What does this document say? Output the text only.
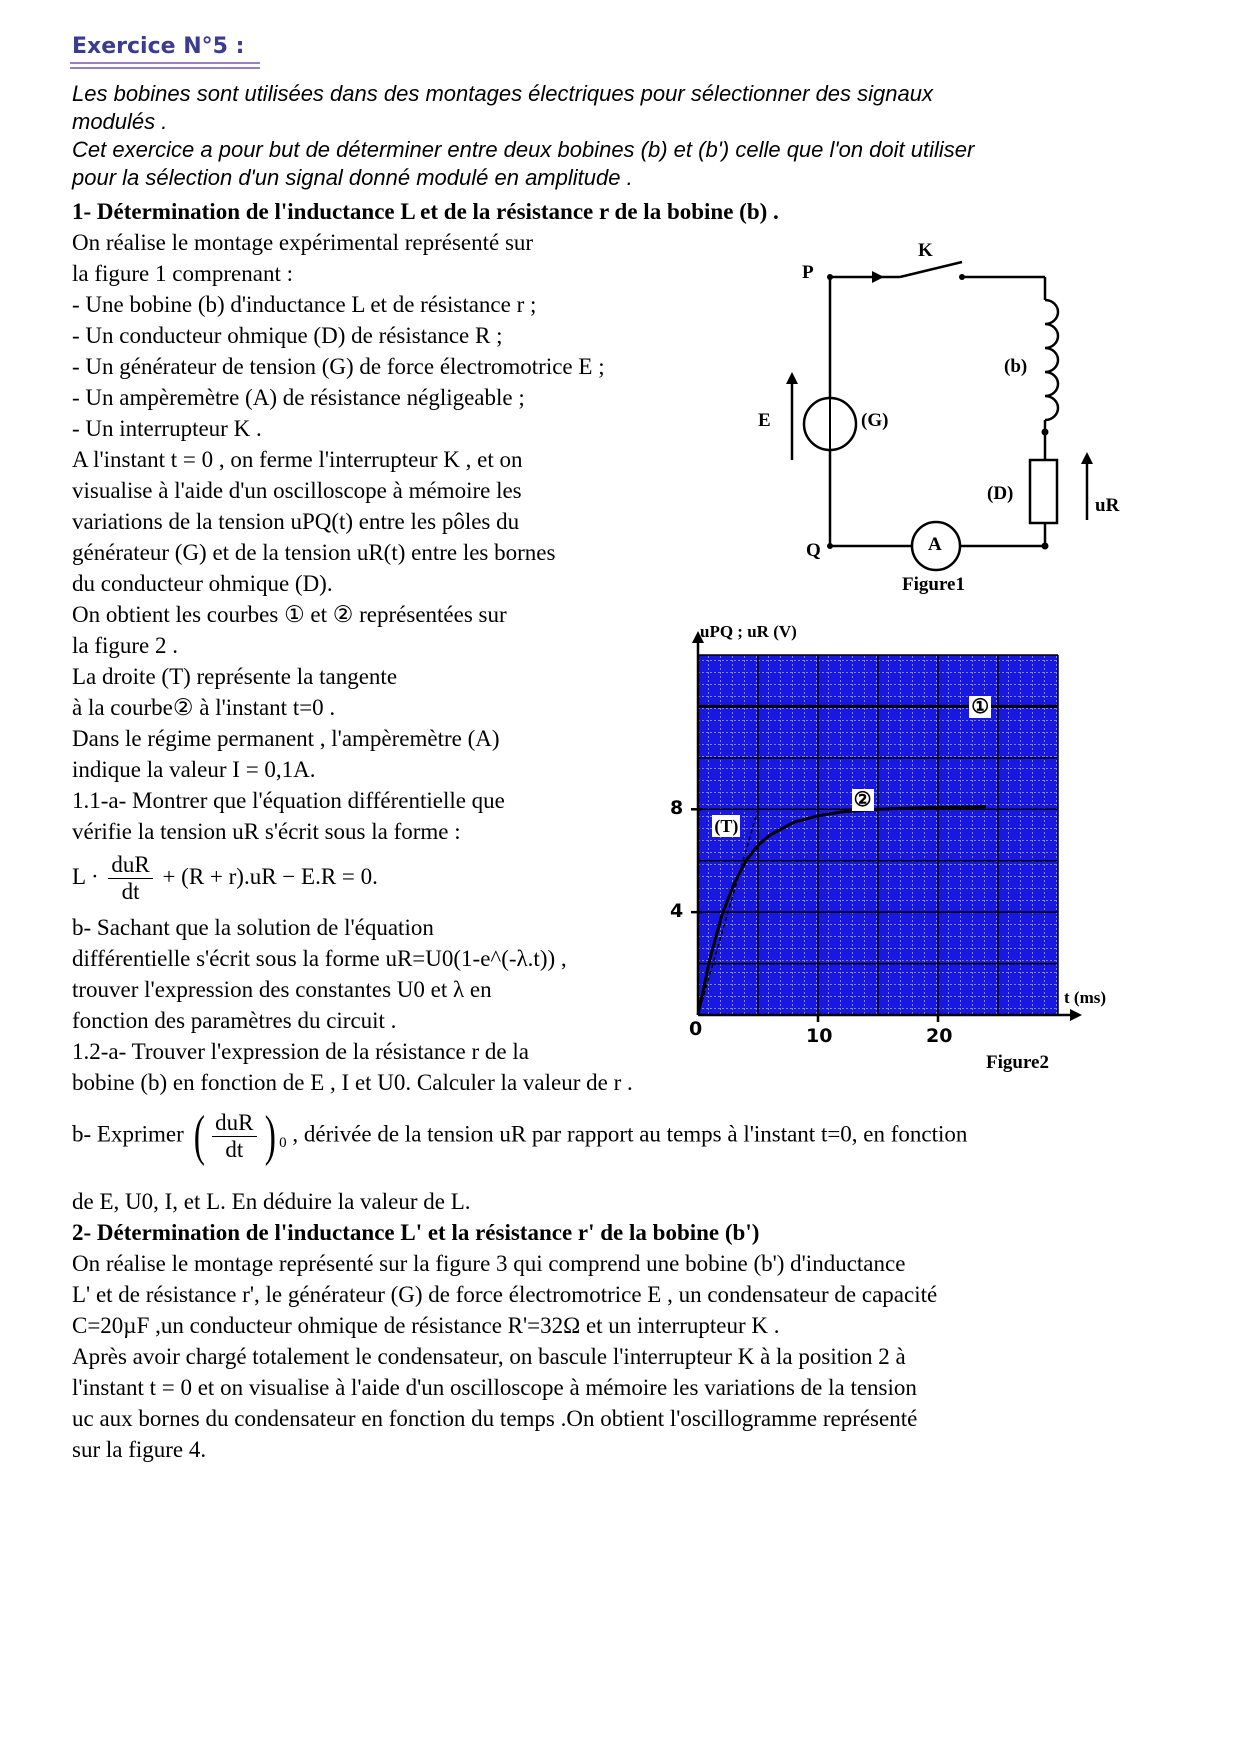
Exercice N°5 :
Les bobines sont utilisées dans des montages électriques pour sélectionner des signaux
modulés .
Cet exercice a pour but de déterminer entre deux bobines (b) et (b') celle que l'on doit utiliser
pour la sélection d'un signal donné modulé en amplitude .
1- Détermination de l'inductance L et de la résistance r de la bobine (b) .
On réalise le montage expérimental représenté sur
la figure 1 comprenant :
- Une bobine (b) d'inductance L et de résistance r ;
- Un conducteur ohmique (D) de résistance R ;
- Un générateur de tension (G) de force électromotrice E ;
- Un ampèremètre (A) de résistance négligeable ;
- Un interrupteur K .
A l'instant t = 0 , on ferme l'interrupteur K , et on
visualise à l'aide d'un oscilloscope à mémoire les
variations de la tension uPQ(t) entre les pôles du
générateur (G) et de la tension uR(t) entre les bornes
du conducteur ohmique (D).
On obtient les courbes ① et ② représentées sur
la figure 2 .
La droite (T) représente la tangente
à la courbe② à l'instant t=0 .
Dans le régime permanent , l'ampèremètre (A)
indique la valeur I = 0,1A.
1.1-a- Montrer que l'équation différentielle que
vérifie la tension uR s'écrit sous la forme :
$L \cdot \frac{\text{duR}}{dt} + (R + r).uR - E.R = 0$.
b- Sachant que la solution de l'équation
différentielle s'écrit sous la forme uR=U0(1-e^(-λ.t)) ,
trouver l'expression des constantes U0 et λ en
fonction des paramètres du circuit .
1.2-a- Trouver l'expression de la résistance r de la
bobine (b) en fonction de E , I et U0. Calculer la valeur de r .
b- Exprimer ( $\frac{\text{duR}}{dt}$ ) $_0$ , dérivée de la tension uR par rapport au temps à l'instant t=0, en fonction
de E, U0, I, et L. En déduire la valeur de L.
2- Détermination de l'inductance L' et la résistance r' de la bobine (b')
On réalise le montage représenté sur la figure 3 qui comprend une bobine (b') d'inductance
L' et de résistance r', le générateur (G) de force électromotrice E , un condensateur de capacité
C=20µF ,un conducteur ohmique de résistance R'=32Ω et un interrupteur K .
Après avoir chargé totalement le condensateur, on bascule l'interrupteur K à la position 2 à
l'instant t = 0 et on visualise à l'aide d'un oscilloscope à mémoire les variations de la tension
uc aux bornes du condensateur en fonction du temps .On obtient l'oscillogramme représenté
sur la figure 4.
P
K
(b)
(G)
E
(D)
uR
Q	A
Figure1
uPQ ; uR (V)
t (ms)
Figure2
0
4
8
10	20
①
②
(T)
